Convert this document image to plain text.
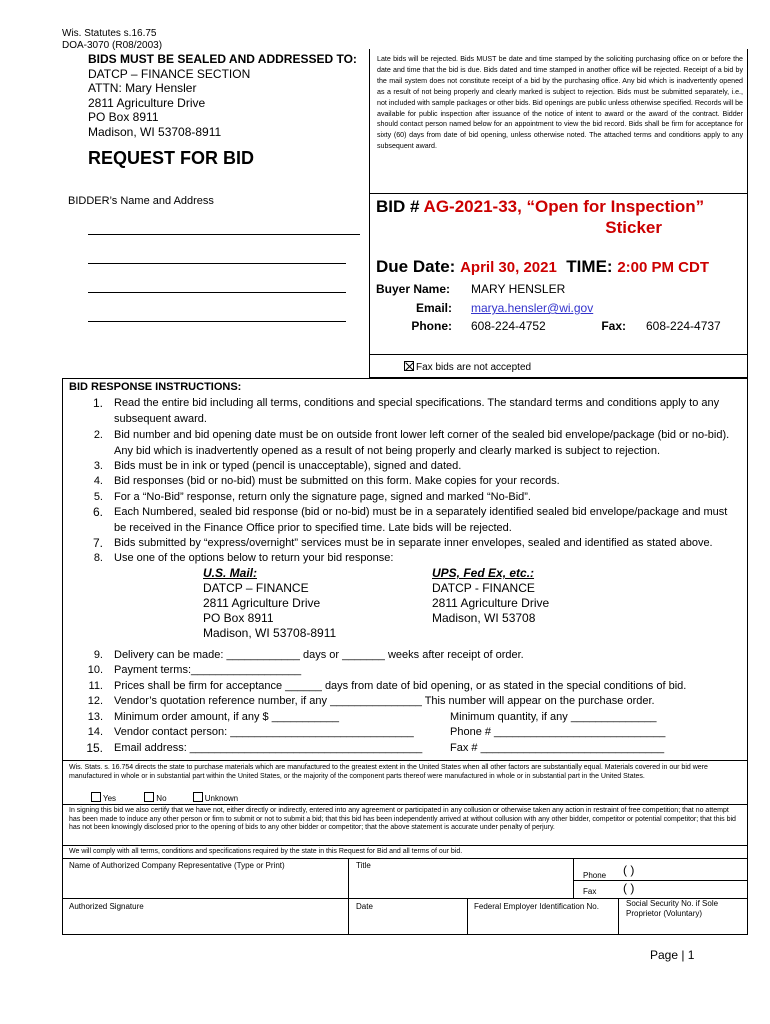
Wis. Statutes s.16.75
DOA-3070 (R08/2003)
BIDS MUST BE SEALED AND ADDRESSED TO:
DATCP – FINANCE SECTION
ATTN: Mary Hensler
2811 Agriculture Drive
PO Box 8911
Madison, WI 53708-8911
REQUEST FOR BID
Late bids will be rejected. Bids MUST be date and time stamped by the soliciting purchasing office on or before the date and time that the bid is due. Bids dated and time stamped in another office will be rejected. Receipt of a bid by the mail system does not constitute receipt of a bid by the purchasing office. Any bid which is inadvertently opened as a result of not being properly and clearly marked is subject to rejection. Bids must be submitted separately, i.e., not included with sample packages or other bids. Bid openings are public unless otherwise specified. Records will be available for public inspection after issuance of the notice of intent to award or the award of the contract. Bidder should contact person named below for an appointment to view the bid record. Bids shall be firm for acceptance for sixty (60) days from date of bid opening, unless otherwise noted. The attached terms and conditions apply to any subsequent award.
BIDDER’s Name and Address	BID # AG-2021-33, “Open for Inspection”
Sticker
Due Date: April 30, 2021 TIME: 2:00 PM CDT
Buyer Name: MARY HENSLER
Email: marya.hensler@wi.gov
Phone: 608-224-4752	Fax: 608-224-4737
Fax bids are not accepted
BID RESPONSE INSTRUCTIONS:
1. Read the entire bid including all terms, conditions and special specifications. The standard terms and conditions apply to any
subsequent award.
2. Bid number and bid opening date must be on outside front lower left corner of the sealed bid envelope/package (bid or no-bid).
Any bid which is inadvertently opened as a result of not being properly and clearly marked is subject to rejection.
3. Bids must be in ink or typed (pencil is unacceptable), signed and dated.
4. Bid responses (bid or no-bid) must be submitted on this form. Make copies for your records.
5. For a “No-Bid” response, return only the signature page, signed and marked “No-Bid”.
6. Each Numbered, sealed bid response (bid or no-bid) must be in a separately identified sealed bid envelope/package and must
be received in the Finance Office prior to specified time. Late bids will be rejected.
7. Bids submitted by “express/overnight” services must be in separate inner envelopes, sealed and identified as stated above.
8. Use one of the options below to return your bid response:
U.S. Mail:
DATCP – FINANCE
2811 Agriculture Drive
PO Box 8911
Madison, WI 53708-8911
UPS, Fed Ex, etc.:
DATCP - FINANCE
2811 Agriculture Drive
Madison, WI 53708
9. Delivery can be made: ____________ days or _______ weeks after receipt of order.
10. Payment terms:__________________
11. Prices shall be firm for acceptance ______ days from date of bid opening, or as stated in the special conditions of bid.
12. Vendor’s quotation reference number, if any _______________ This number will appear on the purchase order.
13. Minimum order amount, if any $ ___________	Minimum quantity, if any ______________
14. Vendor contact person: ______________________________	Phone # ____________________________
15. Email address: ______________________________________	Fax # ______________________________
Wis. Stats. s. 16.754 directs the state to purchase materials which are manufactured to the greatest extent in the United States when all other factors are substantially equal. Materials covered in our bid were manufactured in whole or in substantial part within the United States, or the majority of the component parts thereof were manufactured in whole or in substantial part in the United States.
Yes	No	Unknown
In signing this bid we also certify that we have not, either directly or indirectly, entered into any agreement or participated in any collusion or otherwise taken any action in restraint of free competition; that no attempt has been made to induce any other person or firm to submit or not to submit a bid; that this bid has been independently arrived at without collusion with any other bidder, competitor or potential competitor; that this bid has not been knowingly disclosed prior to the opening of bids to any other bidder or competitor; that the above statement is accurate under penalty of perjury.
We will comply with all terms, conditions and specifications required by the state in this Request for Bid and all terms of our bid.
Name of Authorized Company Representative (Type or Print)	Title
Phone ( )
Fax ( )
Authorized Signature	Date	Federal Employer Identification No.	Social Security No. if Sole Proprietor (Voluntary)
Page | 1
